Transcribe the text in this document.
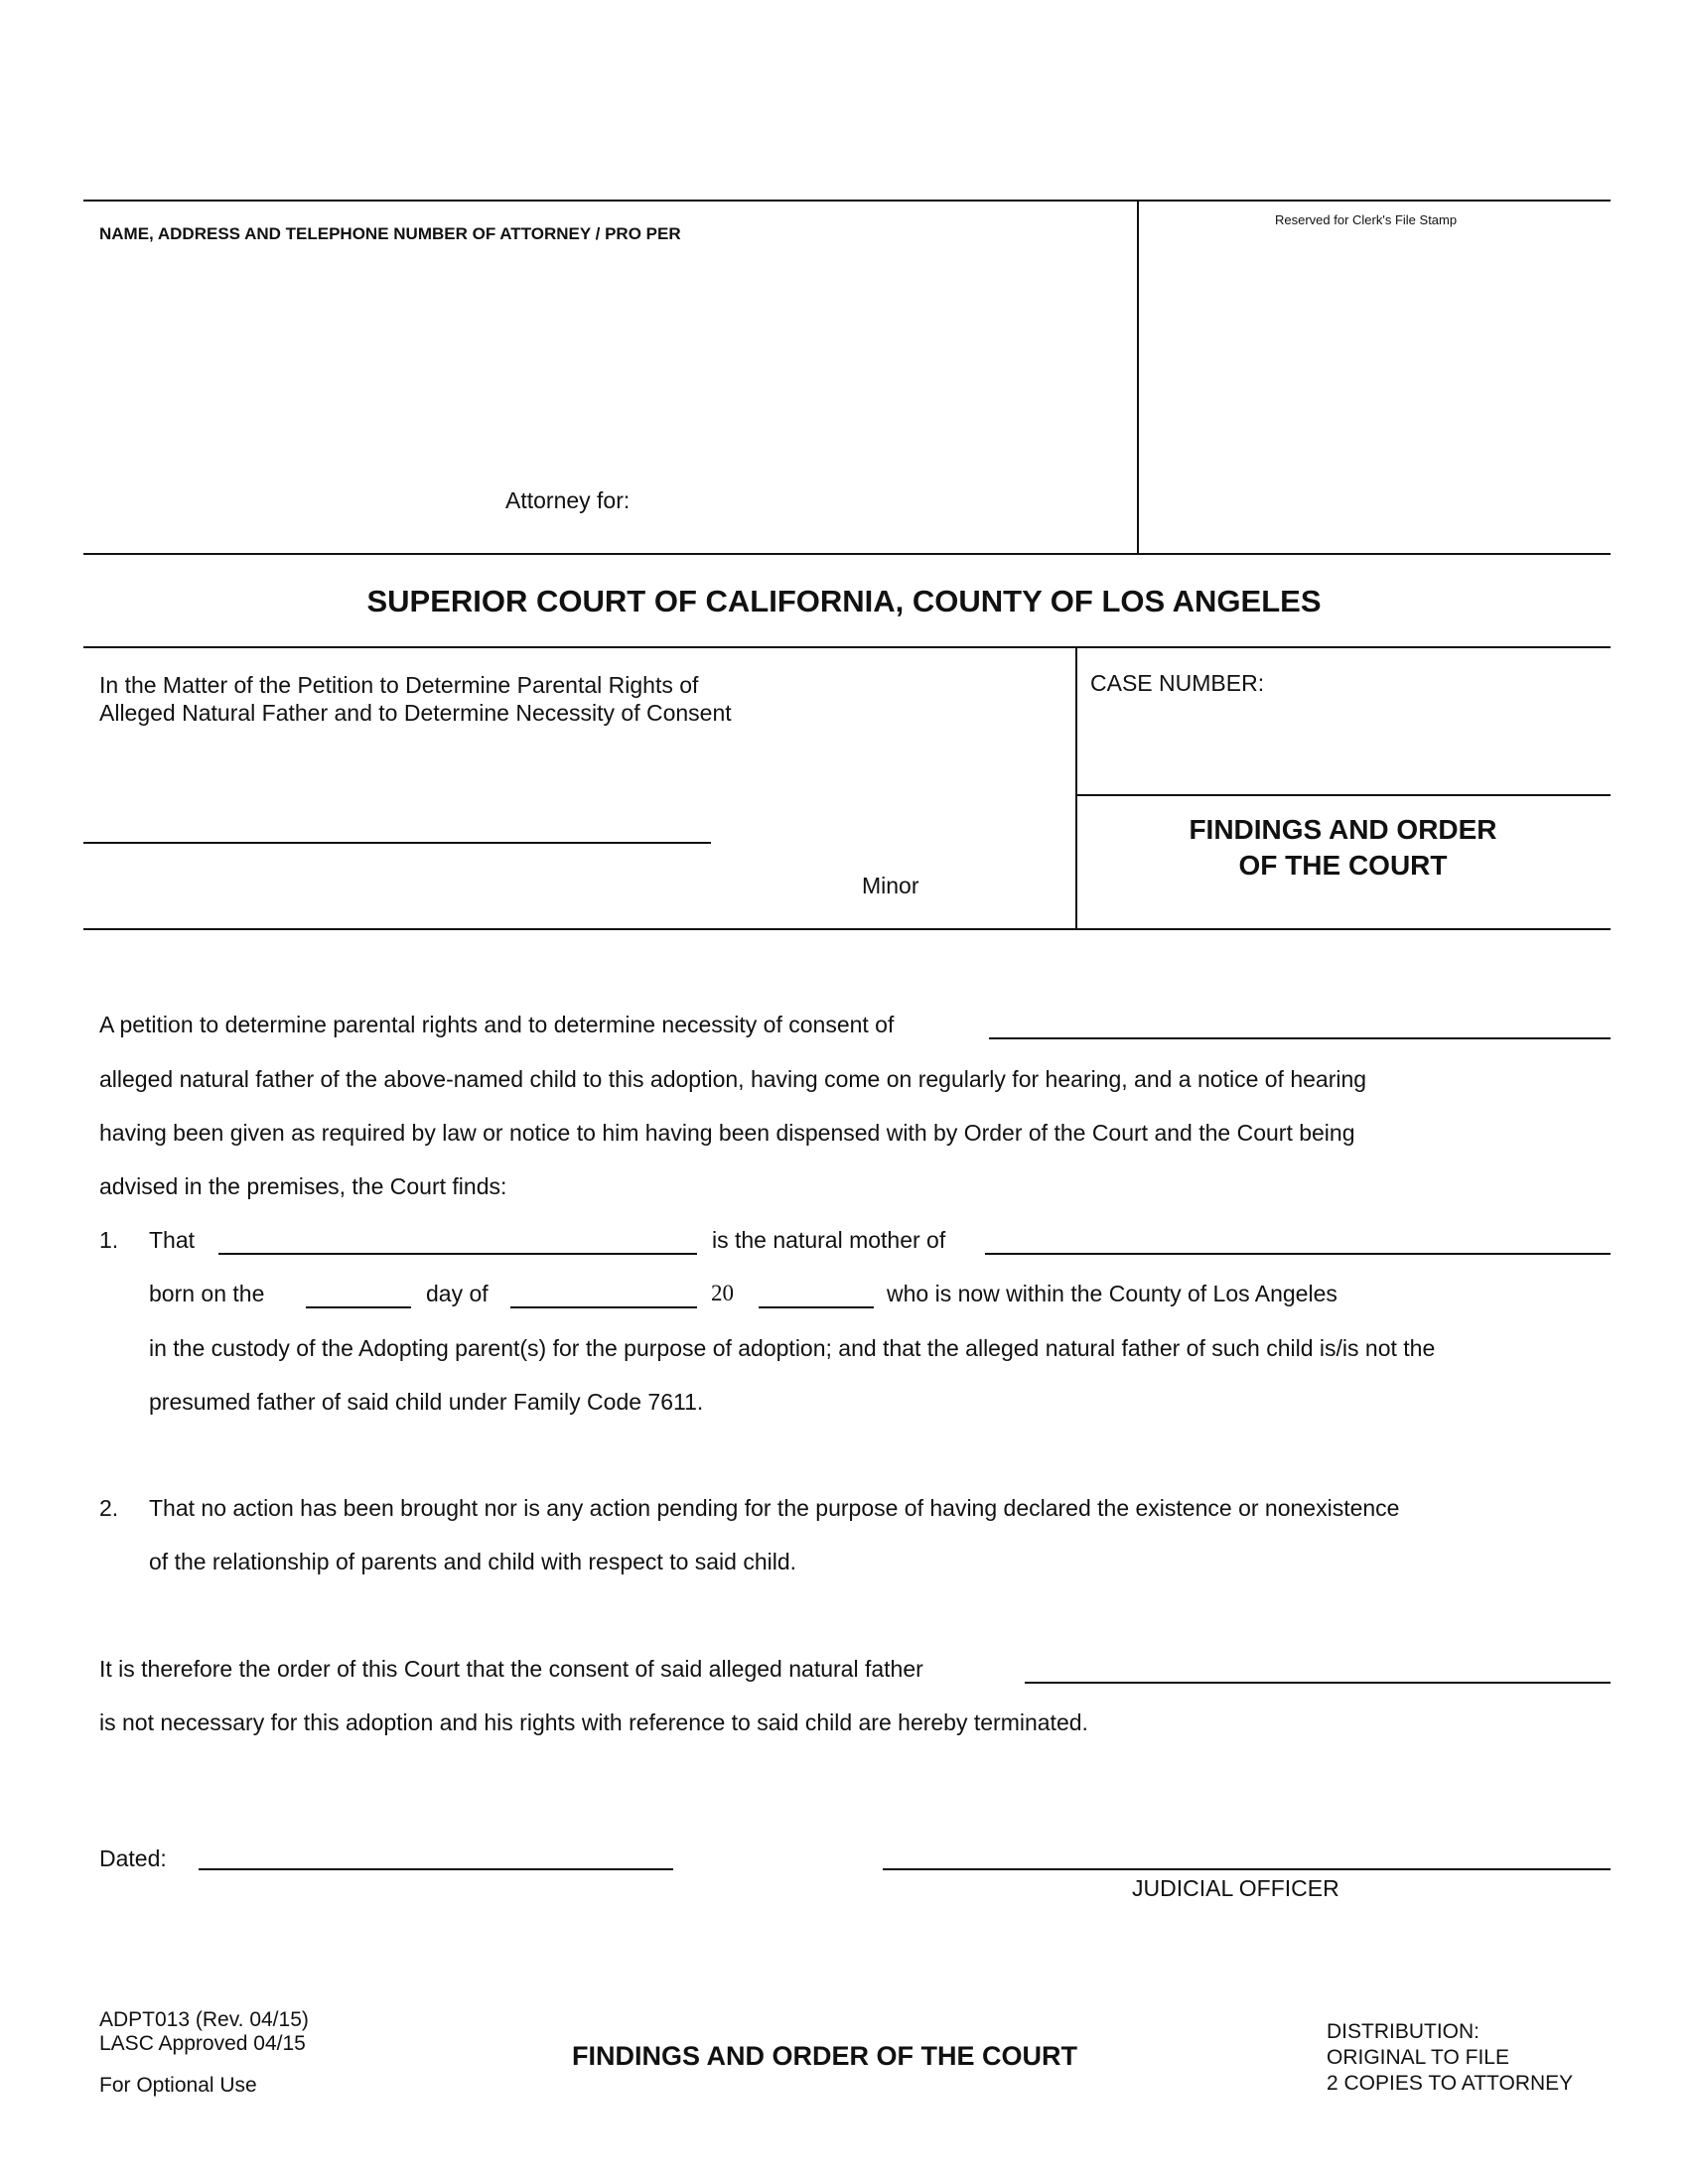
NAME, ADDRESS AND TELEPHONE NUMBER OF ATTORNEY / PRO PER
Reserved for Clerk's File Stamp
Attorney for:
SUPERIOR COURT OF CALIFORNIA, COUNTY OF LOS ANGELES
In the Matter of the Petition to Determine Parental Rights of
Alleged Natural Father and to Determine Necessity of Consent
Minor
CASE NUMBER:
FINDINGS AND ORDER
OF THE COURT
A petition to determine parental rights and to determine necessity of consent of
alleged natural father of the above-named child to this adoption, having come on regularly for hearing, and a notice of hearing
having been given as required by law or notice to him having been dispensed with by Order of the Court and the Court being
advised in the premises, the Court finds:
1. That	is the natural mother of
born on the	day of	20	who is now within the County of Los Angeles
in the custody of the Adopting parent(s) for the purpose of adoption; and that the alleged natural father of such child is/is not the
presumed father of said child under Family Code 7611.
2. That no action has been brought nor is any action pending for the purpose of having declared the existence or nonexistence
of the relationship of parents and child with respect to said child.
It is therefore the order of this Court that the consent of said alleged natural father
is not necessary for this adoption and his rights with reference to said child are hereby terminated.
Dated:
JUDICIAL OFFICER
ADPT013 (Rev. 04/15)
LASC Approved 04/15
For Optional Use
FINDINGS AND ORDER OF THE COURT
DISTRIBUTION:
ORIGINAL TO FILE
2 COPIES TO ATTORNEY
